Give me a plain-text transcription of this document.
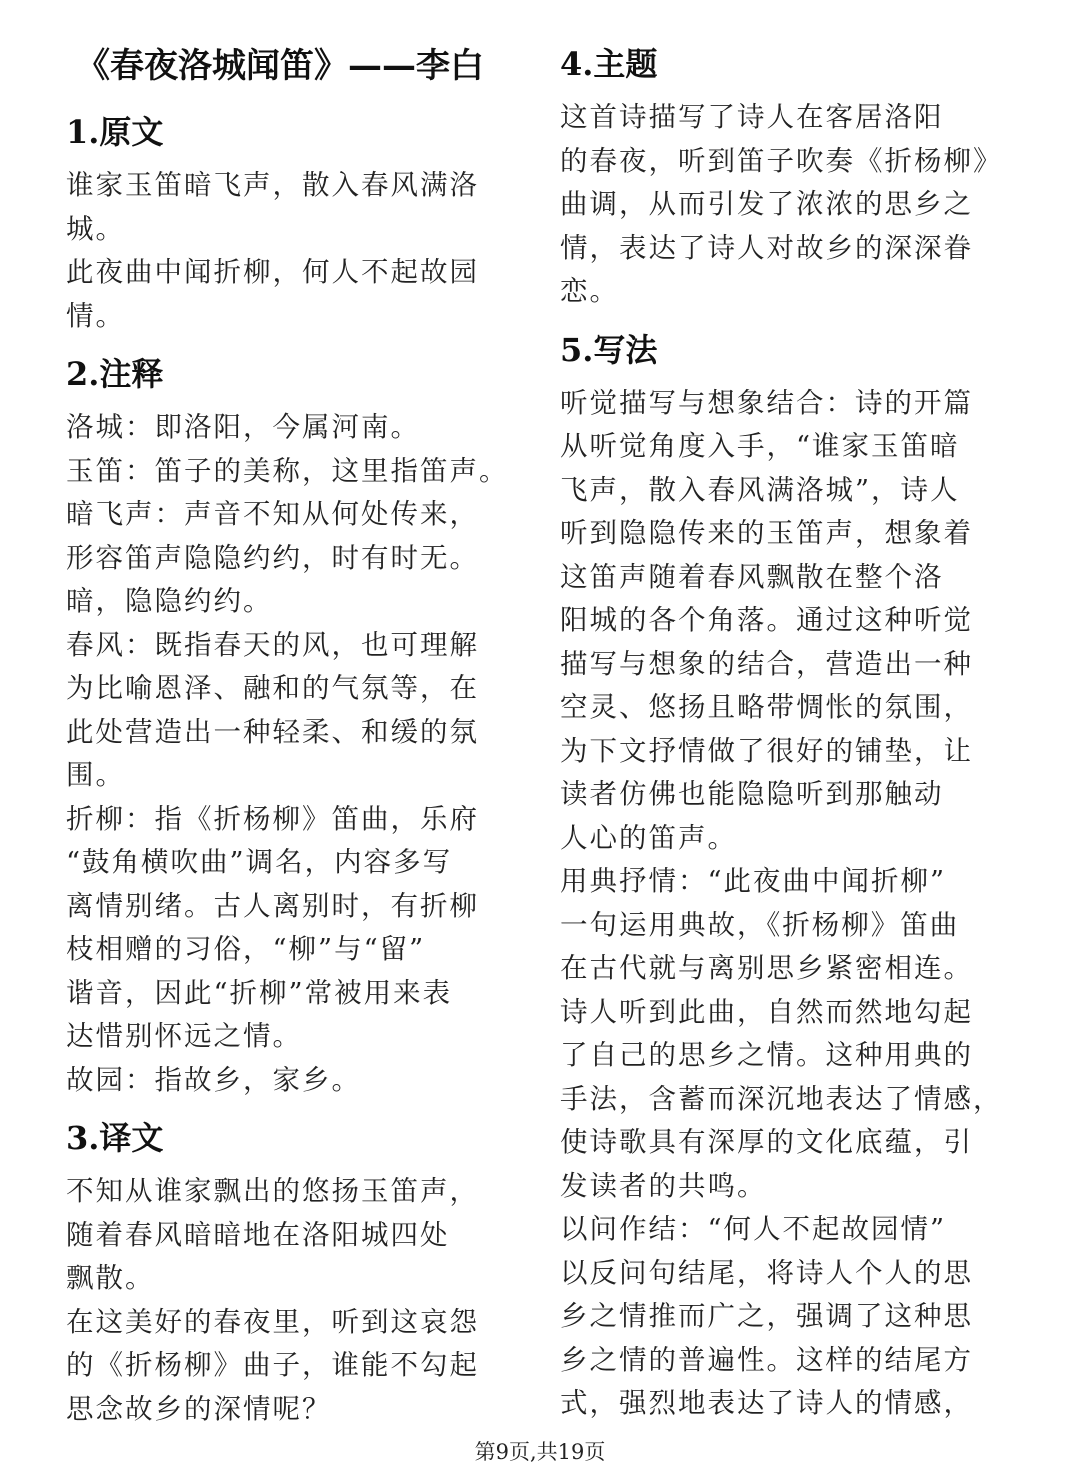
《春夜洛城闻笛》——李白
1.原文

谁家玉笛暗飞声，散入春风满洛
城。

此夜曲中闻折柳，何人不起故园
情。

2.注释

洛城：即洛阳，今属河南。

玉笛：笛子的美称，这里指笛声。

暗飞声：声音不知从何处传来，
形容笛声隐隐约约，时有时无。
暗，隐隐约约。

春风：既指春天的风，也可理解
为比喻恩泽、融和的气氛等，在
此处营造出一种轻柔、和缓的氛
围。

折柳：指《折杨柳》笛曲，乐府
“鼓角横吹曲”调名，内容多写
离情别绪。古人离别时，有折柳
枝相赠的习俗，“柳”与“留”
谐音，因此“折柳”常被用来表
达惜别怀远之情。

故园：指故乡，家乡。

3.译文

不知从谁家飘出的悠扬玉笛声，
随着春风暗暗地在洛阳城四处
飘散。

在这美好的春夜里，听到这哀怨
的《折杨柳》曲子，谁能不勾起
思念故乡的深情呢？

4.主题

这首诗描写了诗人在客居洛阳
的春夜，听到笛子吹奏《折杨柳》
曲调，从而引发了浓浓的思乡之
情，表达了诗人对故乡的深深眷
恋。

5.写法

听觉描写与想象结合：诗的开篇
从听觉角度入手，“谁家玉笛暗
飞声，散入春风满洛城”，诗人
听到隐隐传来的玉笛声，想象着
这笛声随着春风飘散在整个洛
阳城的各个角落。通过这种听觉
描写与想象的结合，营造出一种
空灵、悠扬且略带惆怅的氛围，
为下文抒情做了很好的铺垫，让
读者仿佛也能隐隐听到那触动
人心的笛声。

用典抒情：“此夜曲中闻折柳”
一句运用典故，《折杨柳》笛曲
在古代就与离别思乡紧密相连。
诗人听到此曲，自然而然地勾起
了自己的思乡之情。这种用典的
手法，含蓄而深沉地表达了情感，
使诗歌具有深厚的文化底蕴，引
发读者的共鸣。

以问作结：“何人不起故园情”
以反问句结尾，将诗人个人的思
乡之情推而广之，强调了这种思
乡之情的普遍性。这样的结尾方
式，强烈地表达了诗人的情感，

第9页,共19页
